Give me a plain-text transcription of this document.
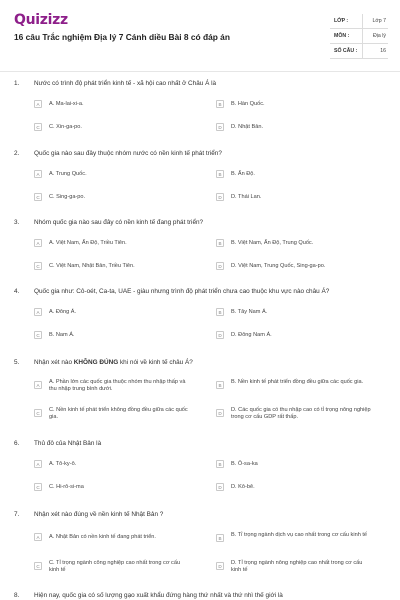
Quizizz
16 câu Trắc nghiệm Địa lý 7 Cánh diều Bài 8 có đáp án
LỚP :	Lớp 7
MÔN :	Địa lý
SỐ CÂU :	16
1. Nước có trình độ phát triển kinh tế - xã hội cao nhất ở Châu Á là
A	A. Ma-lai-xi-a.	B	B. Hàn Quốc.
C	C. Xin-ga-po.	D	D. Nhật Bản.
2. Quốc gia nào sau đây thuộc nhóm nước có nền kinh tế phát triển?
A	A. Trung Quốc.	B	B. Ấn Độ.
C	C. Sing-ga-po.	D	D. Thái Lan.
3. Nhóm quốc gia nào sau đây có nền kinh tế đang phát triển?
A	A. Việt Nam, Ấn Độ, Triều Tiên.	B	B. Việt Nam, Ấn Độ, Trung Quốc.
C	C. Việt Nam, Nhật Bản, Triều Tiên.	D	D. Việt Nam, Trung Quốc, Sing-ga-po.
4. Quốc gia như: Cô-oét, Ca-ta, UAE - giàu nhưng trình độ phát triển chưa cao thuộc khu vực nào châu Á?
A	A. Đông Á.	B	B. Tây Nam Á.
C	B. Nam Á.	D	D. Đông Nam Á.
5. Nhận xét nào KHÔNG ĐÚNG khi nói về kinh tế châu Á?
A
A. Phần lớn các quốc gia thuộc nhóm thu nhập thấp và thu nhập trung bình dưới.
B
B. Nền kinh tế phát triển đồng đều giữa các quốc gia.
C
C. Nền kinh tế phát triển không đồng đều giữa các quốc gia.
D
D. Các quốc gia có thu nhập cao có tỉ trọng nông nghiệp trong cơ cấu GDP rất thấp.
6. Thủ đô của Nhật Bản là
A	A. Tô-ky-ô.	B	B. Ô-sa-ka
C	C. Hi-rô-si-ma	D	D. Kô-bê.
7. Nhận xét nào đúng về nền kinh tế Nhật Bản ?
A	A. Nhật Bản có nền kinh tế đang phát triển.	B
B. Tỉ trọng ngành dịch vụ cao nhất trong cơ cấu kinh tế
C
C. Tỉ trọng ngành công nghiệp cao nhất trong cơ cấu kinh tế
D
D. Tỉ trọng ngành nông nghiệp cao nhất trong cơ cấu kinh tế
8. Hiện nay, quốc gia có số lượng gạo xuất khẩu đứng hàng thứ nhất và thứ nhì thế giới là
